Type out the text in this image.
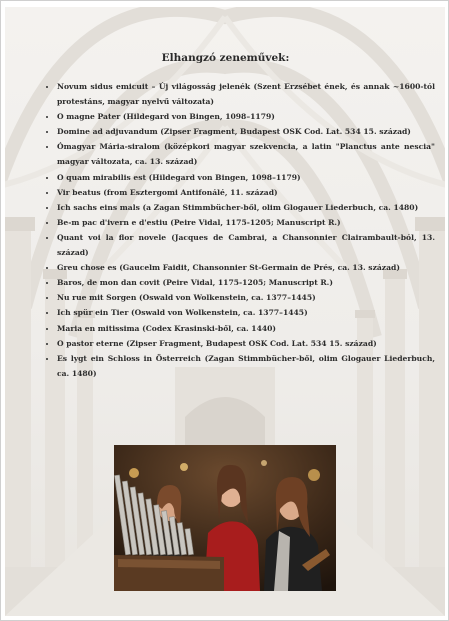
Elhangzó zeneművek:
• Novum sidus emicuit – Új világosság jelenék (Szent Erzsébet ének, és annak ~1600-tól protestáns, magyar nyelvű változata)
• O magne Pater (Hildegard von Bingen, 1098–1179)
• Domine ad adjuvandum (Zipser Fragment, Budapest OSK Cod. Lat. 534 15. század)
• Ómagyar Mária-siralom (középkori magyar szekvencia, a latin "Planctus ante nescia" magyar változata, ca. 13. század)
• O quam mirabilis est (Hildegard von Bingen, 1098–1179)
• Vir beatus (from Esztergomi Antifonálé, 11. század)
• Ich sachs eins mals (a Zagan Stimmbücher-ből, olim Glogauer Liederbuch, ca. 1480)
• Be-m pac d'ivern e d'estiu (Peire Vidal, 1175-1205; Manuscript R.)
• Quant voi la flor novele (Jacques de Cambrai, a Chansonnier Clairambault-ból, 13. század)
• Greu chose es (Gaucelm Faidit, Chansonnier St-Germain de Prés, ca. 13. század)
• Baros, de mon dan covit (Peire Vidal, 1175-1205; Manuscript R.)
• Nu rue mit Sorgen (Oswald von Wolkenstein, ca. 1377–1445)
• Ich spür ein Tier (Oswald von Wolkenstein, ca. 1377–1445)
• Maria en mitissima (Codex Krasinski-ből, ca. 1440)
• O pastor eterne (Zipser Fragment, Budapest OSK Cod. Lat. 534 15. század)
• Es lygt ein Schloss in Österreich (Zagan Stimmbücher-ből, olim Glogauer Liederbuch, ca. 1480)
